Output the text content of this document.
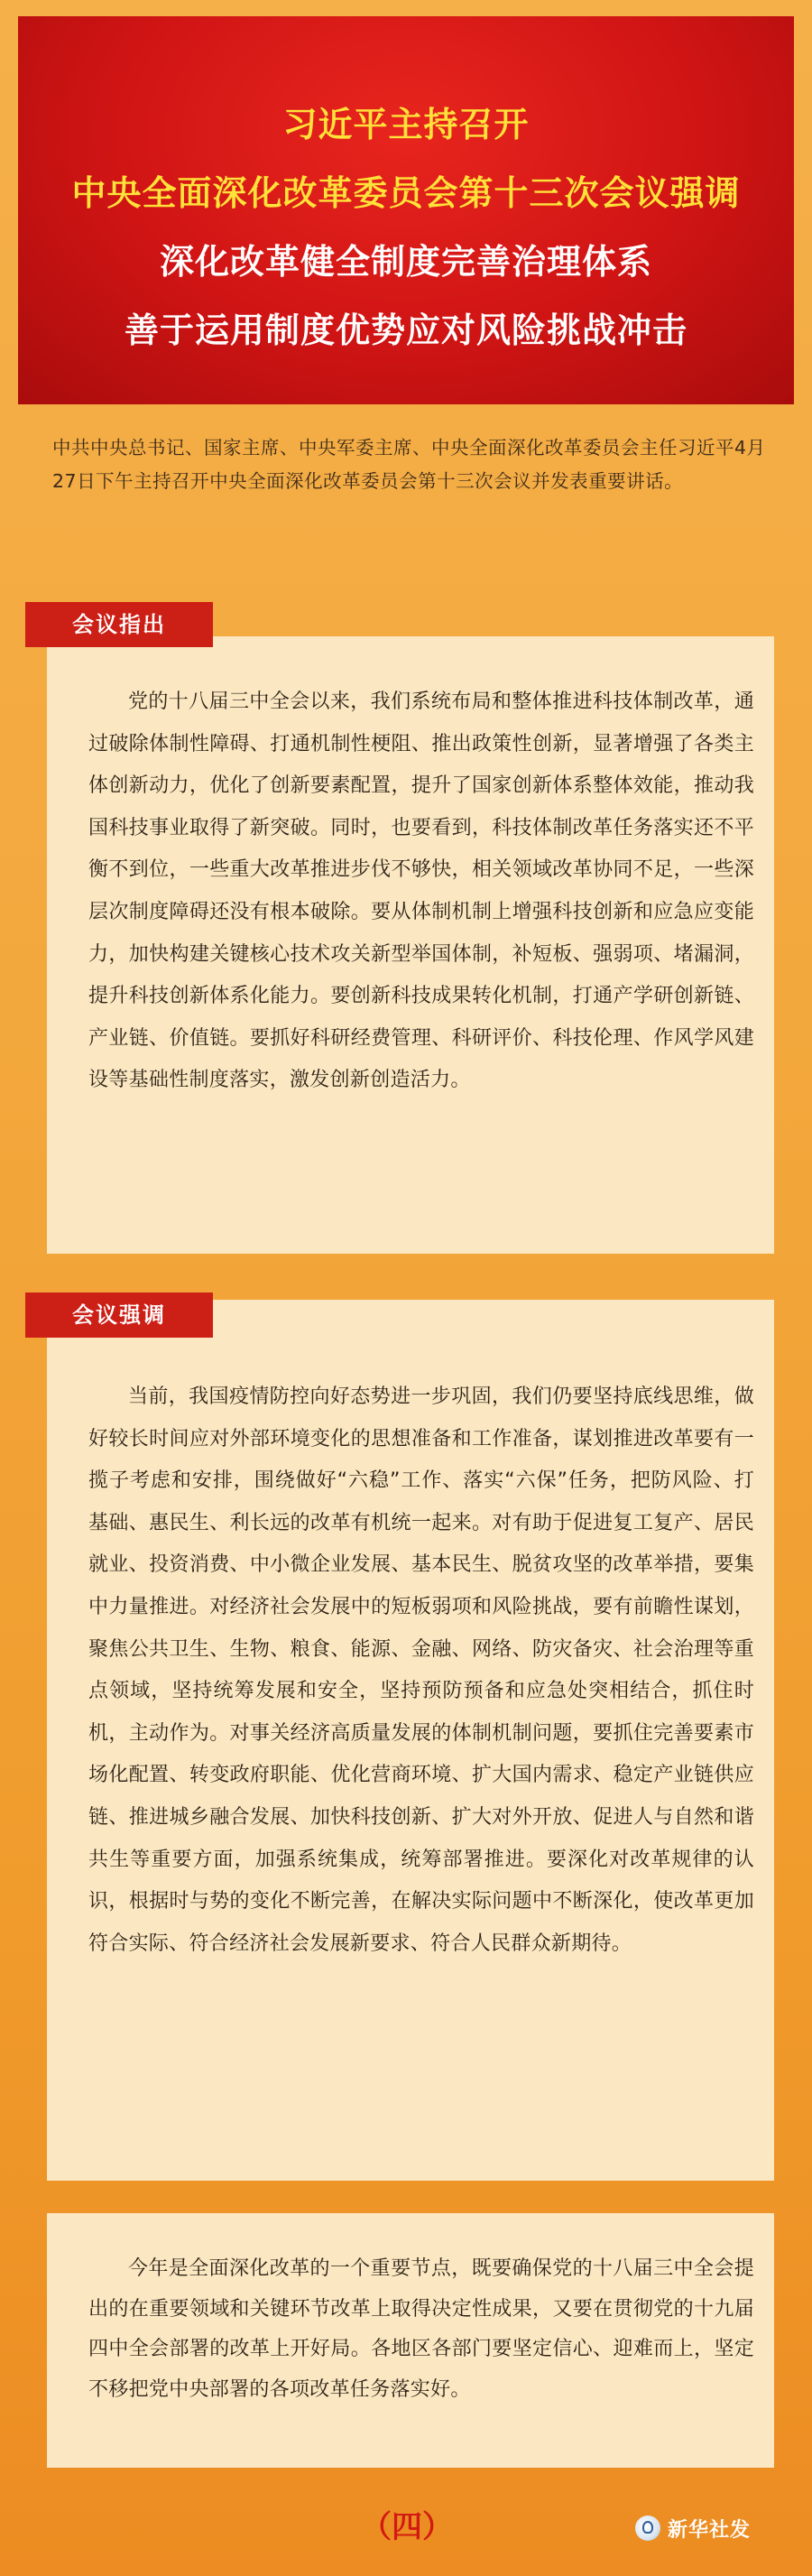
习近平主持召开
中央全面深化改革委员会第十三次会议强调
深化改革健全制度完善治理体系
善于运用制度优势应对风险挑战冲击
中共中央总书记、国家主席、中央军委主席、中央全面深化改革委员会主任习近平4月27日下午主持召开中央全面深化改革委员会第十三次会议并发表重要讲话。
会议指出
党的十八届三中全会以来，我们系统布局和整体推进科技体制改革，通过破除体制性障碍、打通机制性梗阻、推出政策性创新，显著增强了各类主体创新动力，优化了创新要素配置，提升了国家创新体系整体效能，推动我国科技事业取得了新突破。同时，也要看到，科技体制改革任务落实还不平衡不到位，一些重大改革推进步伐不够快，相关领域改革协同不足，一些深层次制度障碍还没有根本破除。要从体制机制上增强科技创新和应急应变能力，加快构建关键核心技术攻关新型举国体制，补短板、强弱项、堵漏洞，提升科技创新体系化能力。要创新科技成果转化机制，打通产学研创新链、产业链、价值链。要抓好科研经费管理、科研评价、科技伦理、作风学风建设等基础性制度落实，激发创新创造活力。
会议强调
当前，我国疫情防控向好态势进一步巩固，我们仍要坚持底线思维，做好较长时间应对外部环境变化的思想准备和工作准备，谋划推进改革要有一揽子考虑和安排，围绕做好“六稳”工作、落实“六保”任务，把防风险、打基础、惠民生、利长远的改革有机统一起来。对有助于促进复工复产、居民就业、投资消费、中小微企业发展、基本民生、脱贫攻坚的改革举措，要集中力量推进。对经济社会发展中的短板弱项和风险挑战，要有前瞻性谋划，聚焦公共卫生、生物、粮食、能源、金融、网络、防灾备灾、社会治理等重点领域，坚持统筹发展和安全，坚持预防预备和应急处突相结合，抓住时机，主动作为。对事关经济高质量发展的体制机制问题，要抓住完善要素市场化配置、转变政府职能、优化营商环境、扩大国内需求、稳定产业链供应链、推进城乡融合发展、加快科技创新、扩大对外开放、促进人与自然和谐共生等重要方面，加强系统集成，统筹部署推进。要深化对改革规律的认识，根据时与势的变化不断完善，在解决实际问题中不断深化，使改革更加符合实际、符合经济社会发展新要求、符合人民群众新期待。
今年是全面深化改革的一个重要节点，既要确保党的十八届三中全会提出的在重要领域和关键环节改革上取得决定性成果，又要在贯彻党的十九届四中全会部署的改革上开好局。各地区各部门要坚定信心、迎难而上，坚定不移把党中央部署的各项改革任务落实好。
（四）	新华社发
